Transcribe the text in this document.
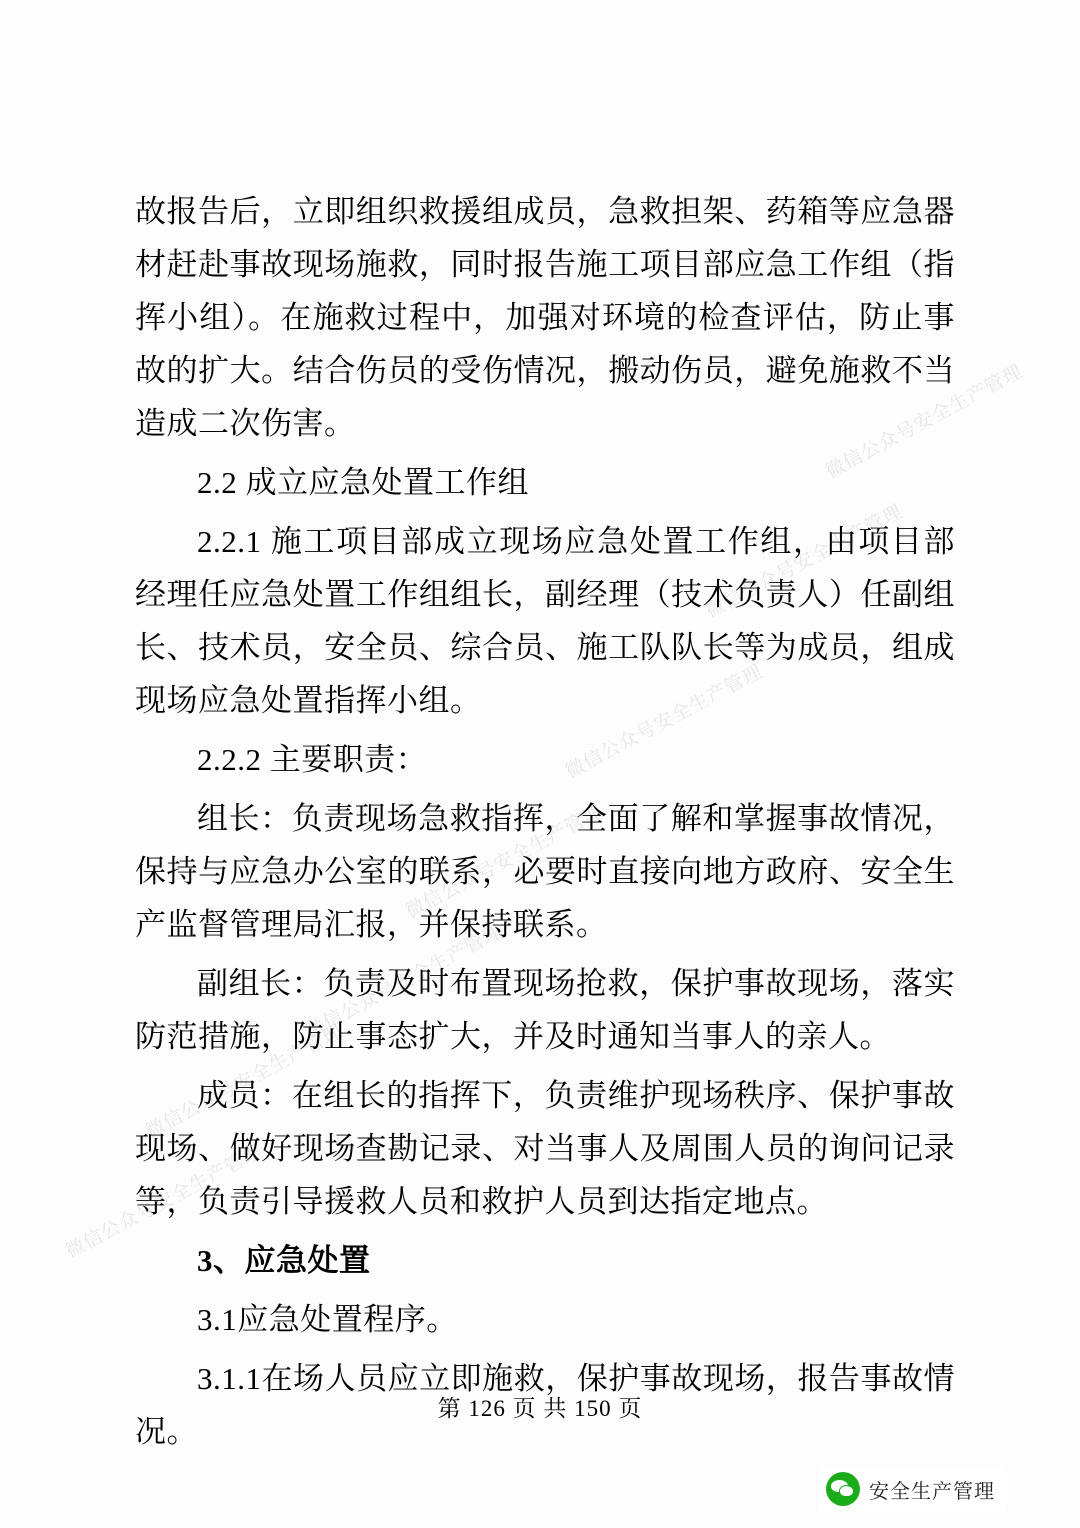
微信公众号安全生产管理
微信公众号安全生产管理
微信公众号安全生产管理
微信公众号安全生产管理
微信公众号安全生产管理
微信公众号安全生产管理
微信公众号安全生产管理

故报告后，立即组织救援组成员，急救担架、药箱等应急器材赶赴事故现场施救，同时报告施工项目部应急工作组（指挥小组）。在施救过程中，加强对环境的检查评估，防止事故的扩大。结合伤员的受伤情况，搬动伤员，避免施救不当造成二次伤害。

2.2 成立应急处置工作组

2.2.1 施工项目部成立现场应急处置工作组，由项目部经理任应急处置工作组组长，副经理（技术负责人）任副组长、技术员，安全员、综合员、施工队队长等为成员，组成现场应急处置指挥小组。

2.2.2 主要职责：

组长：负责现场急救指挥，全面了解和掌握事故情况，保持与应急办公室的联系，必要时直接向地方政府、安全生产监督管理局汇报，并保持联系。

副组长：负责及时布置现场抢救，保护事故现场，落实防范措施，防止事态扩大，并及时通知当事人的亲人。

成员：在组长的指挥下，负责维护现场秩序、保护事故现场、做好现场查勘记录、对当事人及周围人员的询问记录等，负责引导援救人员和救护人员到达指定地点。

3、应急处置

3.1应急处置程序。

3.1.1在场人员应立即施救，保护事故现场，报告事故情况。

第 126 页 共 150 页
安全生产管理
